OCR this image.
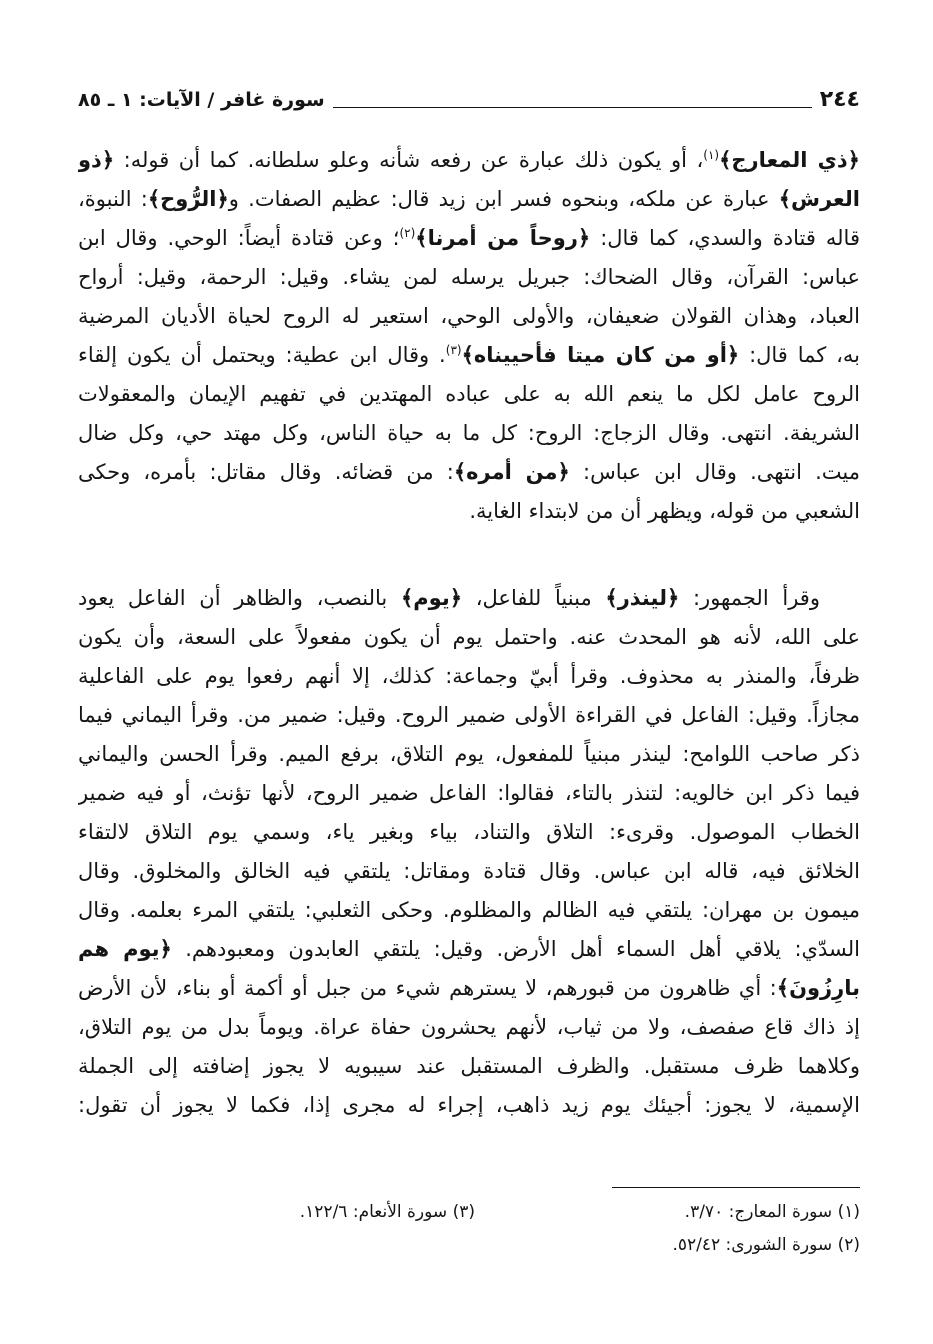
٢٤٤
سورة غافر / الآيات: ١ ـ ٨٥
﴿ذي المعارج﴾$^{(١)}$، أو يكون ذلك عبارة عن رفعه شأنه وعلو سلطانه. كما أن قوله: ﴿ذو
العرش﴾ عبارة عن ملكه، وبنحوه فسر ابن زيد قال: عظيم الصفات. و﴿الرُّوح﴾: النبوة،
قاله قتادة والسدي، كما قال: ﴿روحاً من أمرنا﴾$^{(٢)}$؛ وعن قتادة أيضاً: الوحي. وقال ابن
عباس: القرآن، وقال الضحاك: جبريل يرسله لمن يشاء. وقيل: الرحمة، وقيل: أرواح
العباد، وهذان القولان ضعيفان، والأولى الوحي، استعير له الروح لحياة الأديان المرضية
به، كما قال: ﴿أو من كان ميتا فأحييناه﴾$^{(٣)}$. وقال ابن عطية: ويحتمل أن يكون إلقاء
الروح عامل لكل ما ينعم الله به على عباده المهتدين في تفهيم الإيمان والمعقولات
الشريفة. انتهى. وقال الزجاج: الروح: كل ما به حياة الناس، وكل مهتد حي، وكل ضال
ميت. انتهى. وقال ابن عباس: ﴿من أمره﴾: من قضائه. وقال مقاتل: بأمره، وحكى
الشعبي من قوله، ويظهر أن من لابتداء الغاية.
وقرأ الجمهور: ﴿لينذر﴾ مبنياً للفاعل، ﴿يوم﴾ بالنصب، والظاهر أن الفاعل يعود
على الله، لأنه هو المحدث عنه. واحتمل يوم أن يكون مفعولاً على السعة، وأن يكون
ظرفاً، والمنذر به محذوف. وقرأ أبيّ وجماعة: كذلك، إلا أنهم رفعوا يوم على الفاعلية
مجازاً. وقيل: الفاعل في القراءة الأولى ضمير الروح. وقيل: ضمير من. وقرأ اليماني فيما
ذكر صاحب اللوامح: لينذر مبنياً للمفعول، يوم التلاق، برفع الميم. وقرأ الحسن واليماني
فيما ذكر ابن خالويه: لتنذر بالتاء، فقالوا: الفاعل ضمير الروح، لأنها تؤنث، أو فيه ضمير
الخطاب الموصول. وقرىء: التلاق والتناد، بياء وبغير ياء، وسمي يوم التلاق لالتقاء
الخلائق فيه، قاله ابن عباس. وقال قتادة ومقاتل: يلتقي فيه الخالق والمخلوق. وقال
ميمون بن مهران: يلتقي فيه الظالم والمظلوم. وحكى الثعلبي: يلتقي المرء بعلمه. وقال
السدّي: يلاقي أهل السماء أهل الأرض. وقيل: يلتقي العابدون ومعبودهم. ﴿يوم هم
بارِزُونَ﴾: أي ظاهرون من قبورهم، لا يسترهم شيء من جبل أو أكمة أو بناء، لأن الأرض
إذ ذاك قاع صفصف، ولا من ثياب، لأنهم يحشرون حفاة عراة. ويوماً بدل من يوم التلاق،
وكلاهما ظرف مستقبل. والظرف المستقبل عند سيبويه لا يجوز إضافته إلى الجملة
الإسمية، لا يجوز: أجيئك يوم زيد ذاهب، إجراء له مجرى إذا، فكما لا يجوز أن تقول:
(١) سورة المعارج: ٣/٧٠.
(٢) سورة الشورى: ٥٢/٤٢.
(٣) سورة الأنعام: ١٢٢/٦.
